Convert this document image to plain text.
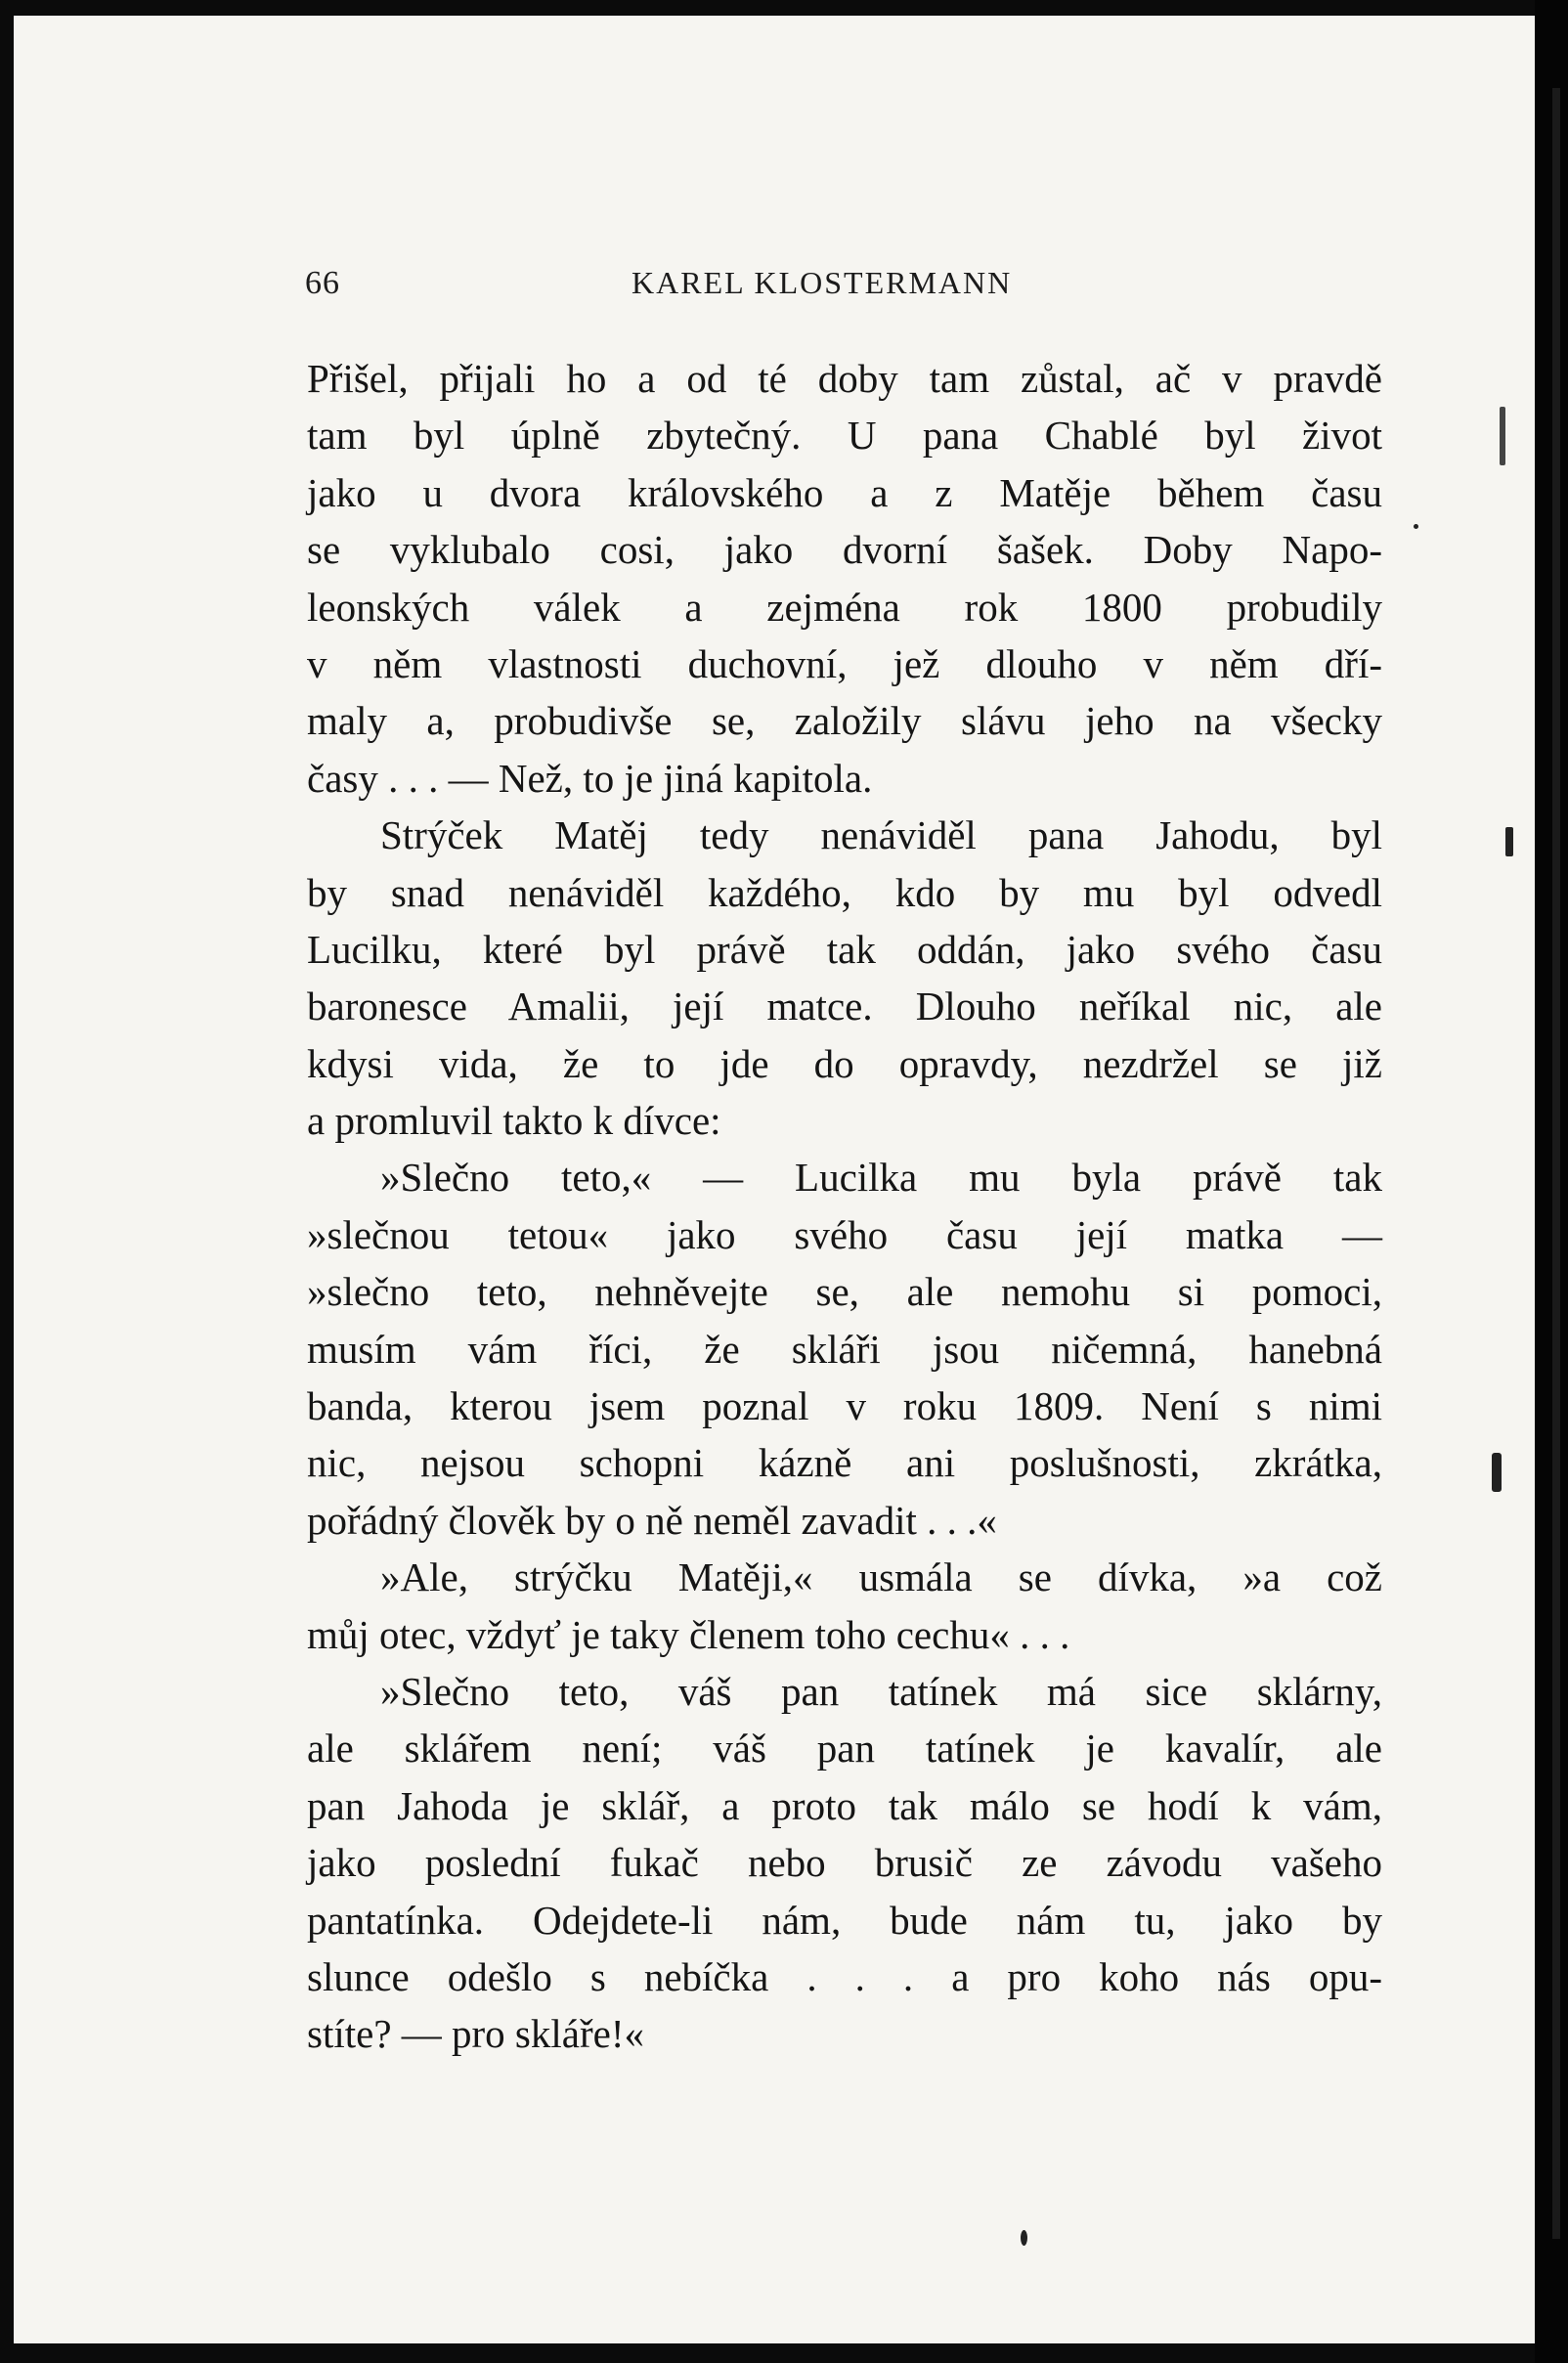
66	KAREL KLOSTERMANN
Přišel, přijali ho a od té doby tam zůstal, ač v pravdě
tam byl úplně zbytečný. U pana Chablé byl život
jako u dvora královského a z Matěje během času
se vyklubalo cosi, jako dvorní šašek. Doby Napo-
leonských válek a zejména rok 1800 probudily
v něm vlastnosti duchovní, jež dlouho v něm dří-
maly a, probudivše se, založily slávu jeho na všecky
časy . . . — Než, to je jiná kapitola.
Strýček Matěj tedy nenáviděl pana Jahodu, byl
by snad nenáviděl každého, kdo by mu byl odvedl
Lucilku, které byl právě tak oddán, jako svého času
baronesce Amalii, její matce. Dlouho neříkal nic, ale
kdysi vida, že to jde do opravdy, nezdržel se již
a promluvil takto k dívce:
»Slečno teto,« — Lucilka mu byla právě tak
»slečnou tetou« jako svého času její matka —
»slečno teto, nehněvejte se, ale nemohu si pomoci,
musím vám říci, že skláři jsou ničemná, hanebná
banda, kterou jsem poznal v roku 1809. Není s nimi
nic, nejsou schopni kázně ani poslušnosti, zkrátka,
pořádný člověk by o ně neměl zavadit . . .«
»Ale, strýčku Matěji,« usmála se dívka, »a což
můj otec, vždyť je taky členem toho cechu« . . .
»Slečno teto, váš pan tatínek má sice sklárny,
ale sklářem není; váš pan tatínek je kavalír, ale
pan Jahoda je sklář, a proto tak málo se hodí k vám,
jako poslední fukač nebo brusič ze závodu vašeho
pantatínka. Odejdete-li nám, bude nám tu, jako by
slunce odešlo s nebíčka . . . a pro koho nás opu-
stíte? — pro skláře!«
